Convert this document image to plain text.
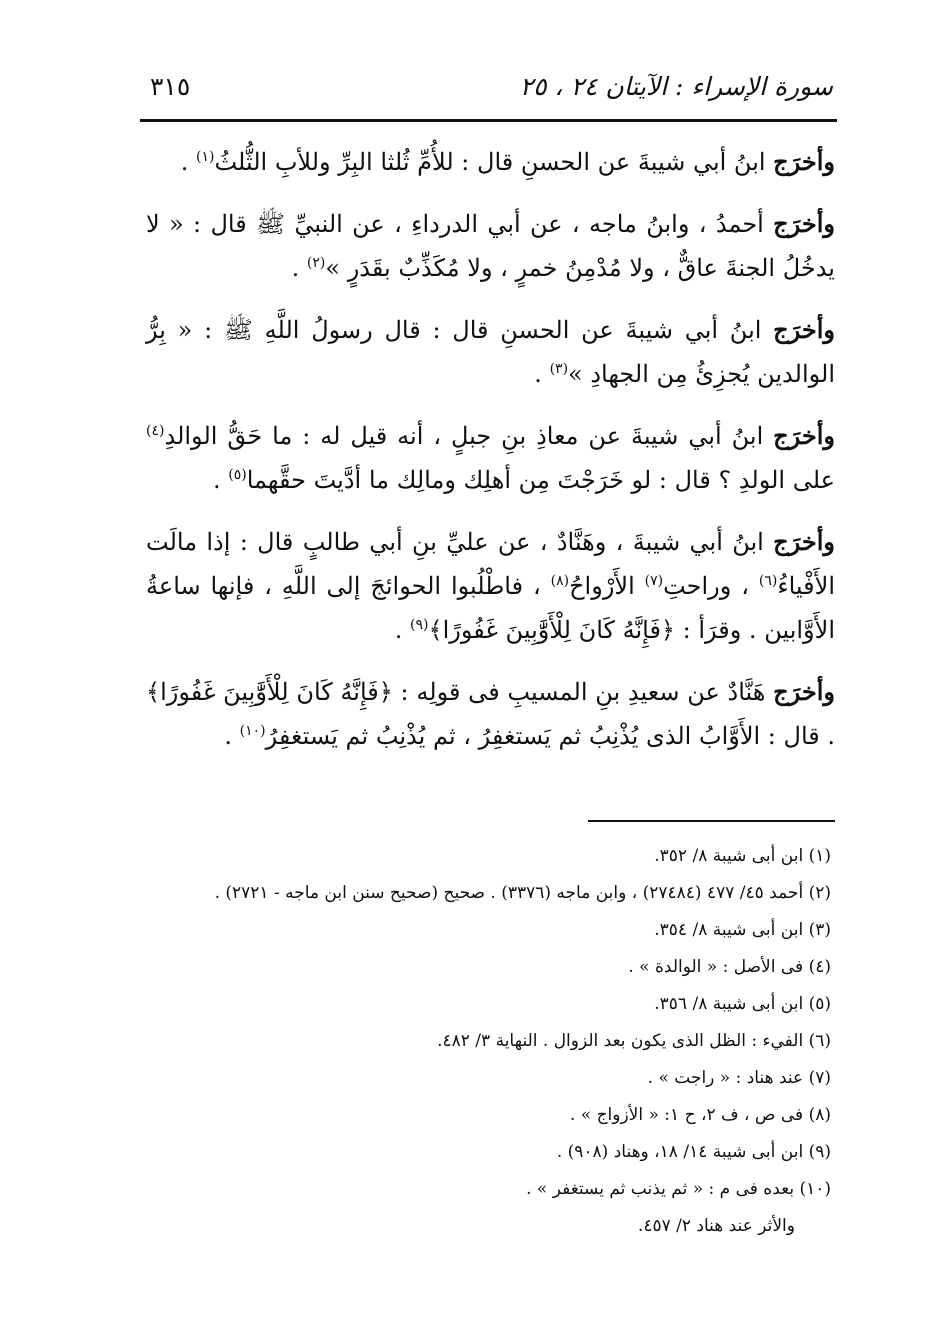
سورة الإسراء : الآيتان ٢٤ ، ٢٥
٣١٥

وأخرَج ابنُ أبي شيبةَ عن الحسنِ قال : للأُمِّ ثُلثا البِرِّ وللأبِ الثُّلثُ$^{(١)}$ .

وأخرَج أحمدُ ، وابنُ ماجه ، عن أبي الدرداءِ ، عن النبيِّ ﷺ قال : « لا يدخُلُ الجنةَ عاقٌّ ، ولا مُدْمِنُ خمرٍ ، ولا مُكَذِّبٌ بقَدَرٍ »$^{(٢)}$ .

وأخرَج ابنُ أبي شيبةَ عن الحسنِ قال : قال رسولُ اللَّهِ ﷺ : « بِرُّ الوالدين يُجزِئُ مِن الجهادِ »$^{(٣)}$ .

وأخرَج ابنُ أبي شيبةَ عن معاذِ بنِ جبلٍ ، أنه قيل له : ما حَقُّ الوالدِ$^{(٤)}$ على الولدِ ؟ قال : لو خَرَجْتَ مِن أهلِك ومالِك ما أدَّيتَ حقَّهما$^{(٥)}$ .

وأخرَج ابنُ أبي شيبةَ ، وهَنَّادٌ ، عن عليِّ بنِ أبي طالبٍ قال : إذا مالَت الأَفْياءُ$^{(٦)}$ ، وراحتِ$^{(٧)}$ الأَرْواحُ$^{(٨)}$ ، فاطْلُبوا الحوائجَ إلى اللَّهِ ، فإنها ساعةُ الأَوَّابين . وقرَأ : ﴿فَإِنَّهُ كَانَ لِلْأَوَّٰبِينَ غَفُورًا﴾$^{(٩)}$ .

وأخرَج هَنَّادٌ عن سعيدِ بنِ المسيبِ فى قولِه : ﴿فَإِنَّهُ كَانَ لِلْأَوَّٰبِينَ غَفُورًا﴾ . قال : الأَوَّابُ الذى يُذْنِبُ ثم يَستغفِرُ ، ثم يُذْنِبُ ثم يَستغفِرُ$^{(١٠)}$ .

(١) ابن أبى شيبة ٨/ ٣٥٢.

(٢) أحمد ٤٥/ ٤٧٧ (٢٧٤٨٤) ، وابن ماجه (٣٣٧٦) . صحيح (صحيح سنن ابن ماجه - ٢٧٢١) .

(٣) ابن أبى شيبة ٨/ ٣٥٤.

(٤) فى الأصل : « الوالدة » .

(٥) ابن أبى شيبة ٨/ ٣٥٦.

(٦) الفيء : الظل الذى يكون بعد الزوال . النهاية ٣/ ٤٨٢.

(٧) عند هناد : « راجت » .

(٨) فى ص ، ف ٢، ح ١: « الأزواج » .

(٩) ابن أبى شيبة ١٤/ ١٨، وهناد (٩٠٨) .

(١٠) بعده فى م : « ثم يذنب ثم يستغفر » .

والأثر عند هناد ٢/ ٤٥٧.
